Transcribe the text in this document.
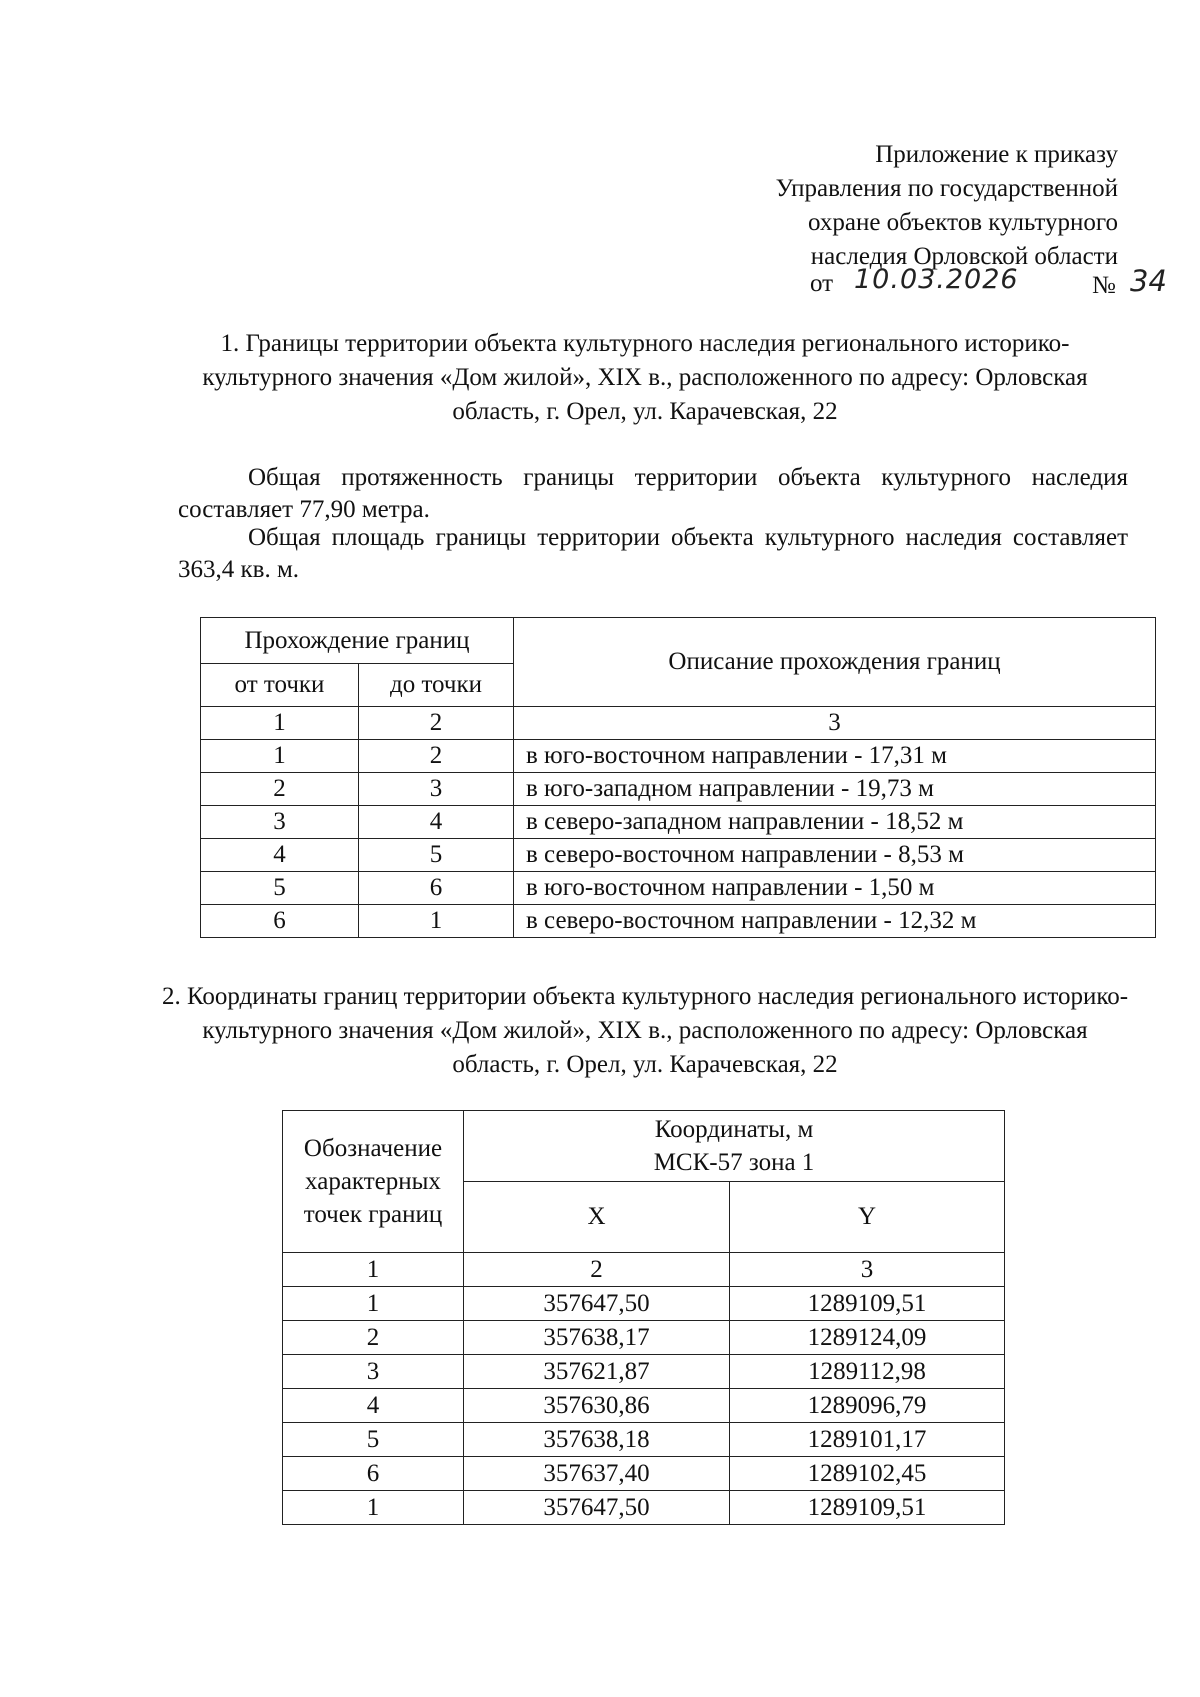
Приложение к приказу
Управления по государственной
охране объектов культурного
наследия Орловской области
от 10.03.2026	№ 34
1. Границы территории объекта культурного наследия регионального историко-культурного значения «Дом жилой», XIX в., расположенного по адресу: Орловская область, г. Орел, ул. Карачевская, 22
Общая протяженность границы территории объекта культурного наследия составляет 77,90 метра.
Общая площадь границы территории объекта культурного наследия составляет 363,4 кв. м.
Прохождение границ		Описание прохождения границ
от точки	до точки	
1	2	3
1	2	в юго-восточном направлении - 17,31 м
2	3	в юго-западном направлении - 19,73 м
3	4	в северо-западном направлении - 18,52 м
4	5	в северо-восточном направлении - 8,53 м
5	6	в юго-восточном направлении - 1,50 м
6	1	в северо-восточном направлении - 12,32 м
2. Координаты границ территории объекта культурного наследия регионального историко-культурного значения «Дом жилой», XIX в., расположенного по адресу: Орловская область, г. Орел, ул. Карачевская, 22
Обозначение характерных точек границ	Координаты, м
МСК-57 зона 1	

	X	Y
1	2	3
1	357647,50	1289109,51
2	357638,17	1289124,09
3	357621,87	1289112,98
4	357630,86	1289096,79
5	357638,18	1289101,17
6	357637,40	1289102,45
1	357647,50	1289109,51
